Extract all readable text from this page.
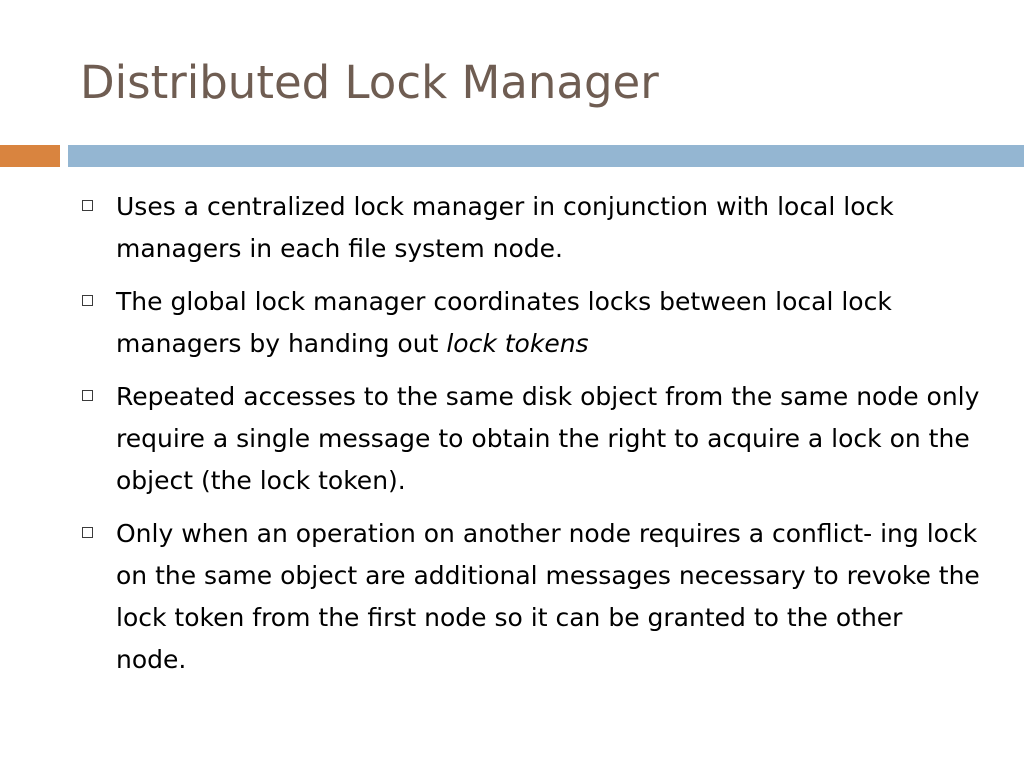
Distributed Lock Manager
Uses a centralized lock manager in conjunction with local lock managers in each file system node.
The global lock manager coordinates locks between local lock managers by handing out lock tokens
Repeated accesses to the same disk object from the same node only require a single message to obtain the right to acquire a lock on the object (the lock token).
Only when an operation on another node requires a conflict- ing lock on the same object are additional messages necessary to revoke the lock token from the first node so it can be granted to the other node.
